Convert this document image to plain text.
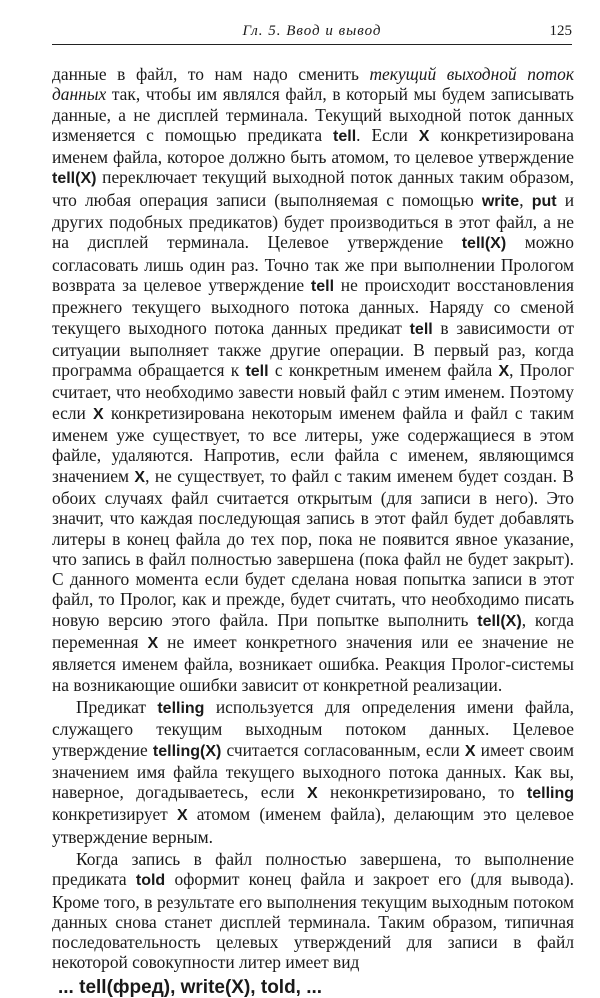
Гл. 5. Ввод и вывод	125

данные в файл, то нам надо сменить текущий выходной поток данных так, чтобы им являлся файл, в который мы будем записывать данные, а не дисплей терминала. Текущий выходной поток данных изменяется с помощью предиката tell. Если X конкретизирована именем файла, которое должно быть атомом, то целевое утверждение tell(X) переключает текущий выходной поток данных таким образом, что любая операция записи (выполняемая с помощью write, put и других подобных предикатов) будет производиться в этот файл, а не на дисплей терминала. Целевое утверждение tell(X) можно согласовать лишь один раз. Точно так же при выполнении Прологом возврата за целевое утверждение tell не происходит восстановления прежнего текущего выходного потока данных. Наряду со сменой текущего выходного потока данных предикат tell в зависимости от ситуации выполняет также другие операции. В первый раз, когда программа обращается к tell с конкретным именем файла X, Пролог считает, что необходимо завести новый файл с этим именем. Поэтому если X конкретизирована некоторым именем файла и файл с таким именем уже существует, то все литеры, уже содержащиеся в этом файле, удаляются. Напротив, если файла с именем, являющимся значением X, не существует, то файл с таким именем будет создан. В обоих случаях файл считается открытым (для записи в него). Это значит, что каждая последующая запись в этот файл будет добавлять литеры в конец файла до тех пор, пока не появится явное указание, что запись в файл полностью завершена (пока файл не будет закрыт). С данного момента если будет сделана новая попытка записи в этот файл, то Пролог, как и прежде, будет считать, что необходимо писать новую версию этого файла. При попытке выполнить tell(X), когда переменная X не имеет конкретного значения или ее значение не является именем файла, возникает ошибка. Реакция Пролог-системы на возникающие ошибки зависит от конкретной реализации.

Предикат telling используется для определения имени файла, служащего текущим выходным потоком данных. Целевое утверждение telling(X) считается согласованным, если X имеет своим значением имя файла текущего выходного потока данных. Как вы, наверное, догадываетесь, если X неконкретизировано, то telling конкретизирует X атомом (именем файла), делающим это целевое утверждение верным.

Когда запись в файл полностью завершена, то выполнение предиката told оформит конец файла и закроет его (для вывода). Кроме того, в результате его выполнения текущим выходным потоком данных снова станет дисплей терминала. Таким образом, типичная последовательность целевых утверждений для записи в файл некоторой совокупности литер имеет вид

... tell(фред), write(X), told, ...
